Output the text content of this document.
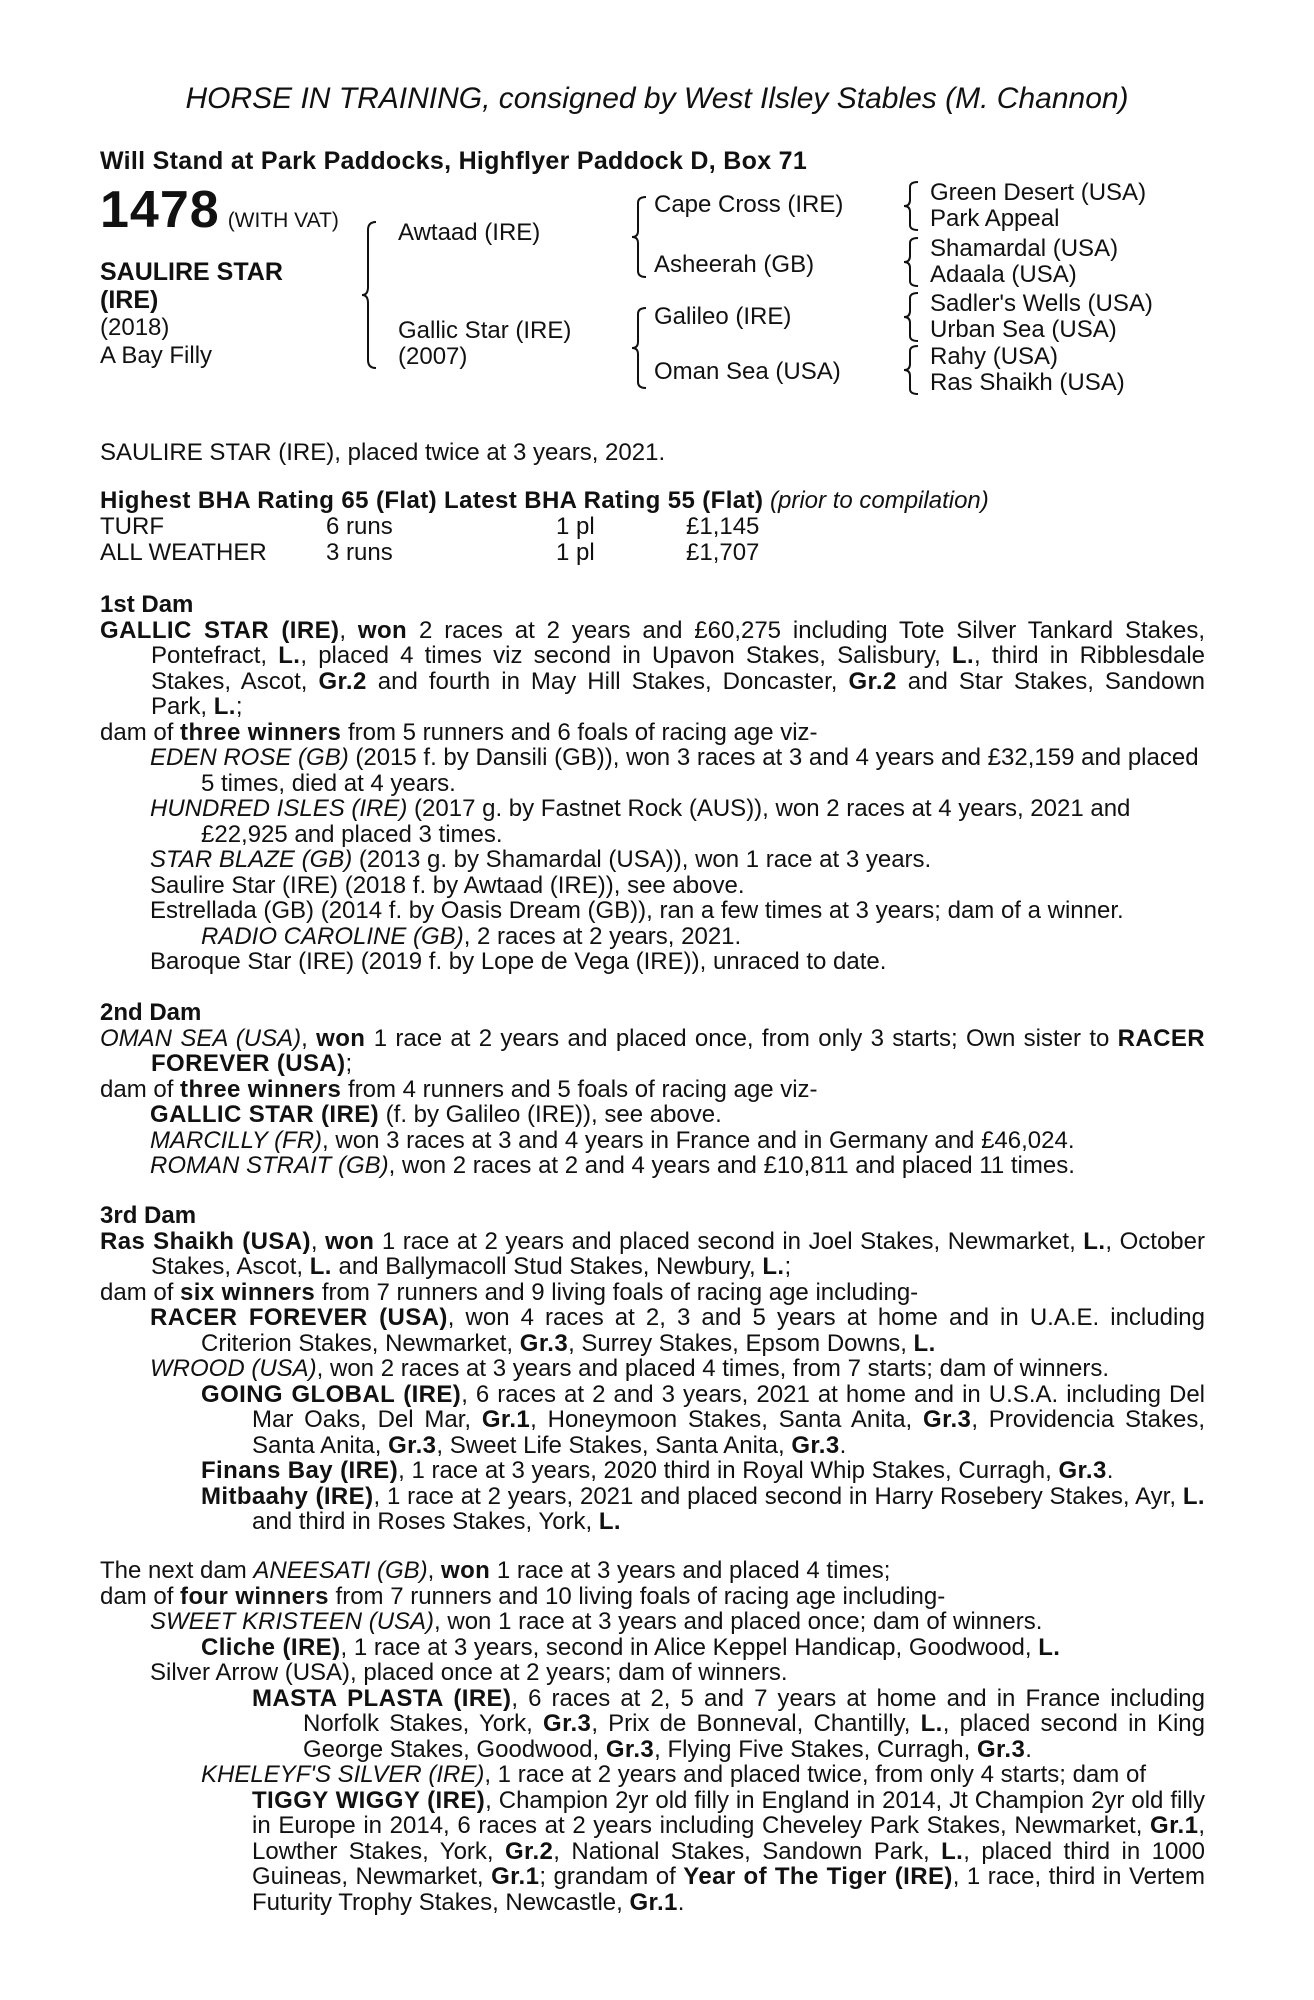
HORSE IN TRAINING, consigned by West Ilsley Stables (M. Channon)
Will Stand at Park Paddocks, Highflyer Paddock D, Box 71
1478 (WITH VAT)
SAULIRE STAR
(IRE)
(2018)
A Bay Filly
Awtaad (IRE)
Gallic Star (IRE)
(2007)
Cape Cross (IRE)
Asheerah (GB)
Galileo (IRE)
Oman Sea (USA)
Green Desert (USA)
Park Appeal
Shamardal (USA)
Adaala (USA)
Sadler's Wells (USA)
Urban Sea (USA)
Rahy (USA)
Ras Shaikh (USA)
SAULIRE STAR (IRE), placed twice at 3 years, 2021.
Highest BHA Rating 65 (Flat) Latest BHA Rating 55 (Flat) (prior to compilation)
TURF	6 runs	1 pl	£1,145
ALL WEATHER 3 runs	1 pl	£1,707
1st Dam
GALLIC STAR (IRE), won 2 races at 2 years and £60,275 including Tote Silver Tankard Stakes, Pontefract, L., placed 4 times viz second in Upavon Stakes, Salisbury, L., third in Ribblesdale Stakes, Ascot, Gr.2 and fourth in May Hill Stakes, Doncaster, Gr.2 and Star Stakes, Sandown Park, L.;
dam of three winners from 5 runners and 6 foals of racing age viz-
EDEN ROSE (GB) (2015 f. by Dansili (GB)), won 3 races at 3 and 4 years and £32,159 and placed 5 times, died at 4 years.
HUNDRED ISLES (IRE) (2017 g. by Fastnet Rock (AUS)), won 2 races at 4 years, 2021 and £22,925 and placed 3 times.
STAR BLAZE (GB) (2013 g. by Shamardal (USA)), won 1 race at 3 years.
Saulire Star (IRE) (2018 f. by Awtaad (IRE)), see above.
Estrellada (GB) (2014 f. by Oasis Dream (GB)), ran a few times at 3 years; dam of a winner.
RADIO CAROLINE (GB), 2 races at 2 years, 2021.
Baroque Star (IRE) (2019 f. by Lope de Vega (IRE)), unraced to date.
2nd Dam
OMAN SEA (USA), won 1 race at 2 years and placed once, from only 3 starts; Own sister to RACER FOREVER (USA);
dam of three winners from 4 runners and 5 foals of racing age viz-
GALLIC STAR (IRE) (f. by Galileo (IRE)), see above.
MARCILLY (FR), won 3 races at 3 and 4 years in France and in Germany and £46,024.
ROMAN STRAIT (GB), won 2 races at 2 and 4 years and £10,811 and placed 11 times.
3rd Dam
Ras Shaikh (USA), won 1 race at 2 years and placed second in Joel Stakes, Newmarket, L., October Stakes, Ascot, L. and Ballymacoll Stud Stakes, Newbury, L.;
dam of six winners from 7 runners and 9 living foals of racing age including-
RACER FOREVER (USA), won 4 races at 2, 3 and 5 years at home and in U.A.E. including Criterion Stakes, Newmarket, Gr.3, Surrey Stakes, Epsom Downs, L.
WROOD (USA), won 2 races at 3 years and placed 4 times, from 7 starts; dam of winners.
GOING GLOBAL (IRE), 6 races at 2 and 3 years, 2021 at home and in U.S.A. including Del Mar Oaks, Del Mar, Gr.1, Honeymoon Stakes, Santa Anita, Gr.3, Providencia Stakes, Santa Anita, Gr.3, Sweet Life Stakes, Santa Anita, Gr.3.
Finans Bay (IRE), 1 race at 3 years, 2020 third in Royal Whip Stakes, Curragh, Gr.3.
Mitbaahy (IRE), 1 race at 2 years, 2021 and placed second in Harry Rosebery Stakes, Ayr, L. and third in Roses Stakes, York, L.
The next dam ANEESATI (GB), won 1 race at 3 years and placed 4 times;
dam of four winners from 7 runners and 10 living foals of racing age including-
SWEET KRISTEEN (USA), won 1 race at 3 years and placed once; dam of winners.
Cliche (IRE), 1 race at 3 years, second in Alice Keppel Handicap, Goodwood, L.
Silver Arrow (USA), placed once at 2 years; dam of winners.
MASTA PLASTA (IRE), 6 races at 2, 5 and 7 years at home and in France including Norfolk Stakes, York, Gr.3, Prix de Bonneval, Chantilly, L., placed second in King George Stakes, Goodwood, Gr.3, Flying Five Stakes, Curragh, Gr.3.
KHELEYF'S SILVER (IRE), 1 race at 2 years and placed twice, from only 4 starts; dam of
TIGGY WIGGY (IRE), Champion 2yr old filly in England in 2014, Jt Champion 2yr old filly in Europe in 2014, 6 races at 2 years including Cheveley Park Stakes, Newmarket, Gr.1, Lowther Stakes, York, Gr.2, National Stakes, Sandown Park, L., placed third in 1000 Guineas, Newmarket, Gr.1; grandam of Year of The Tiger (IRE), 1 race, third in Vertem Futurity Trophy Stakes, Newcastle, Gr.1.
